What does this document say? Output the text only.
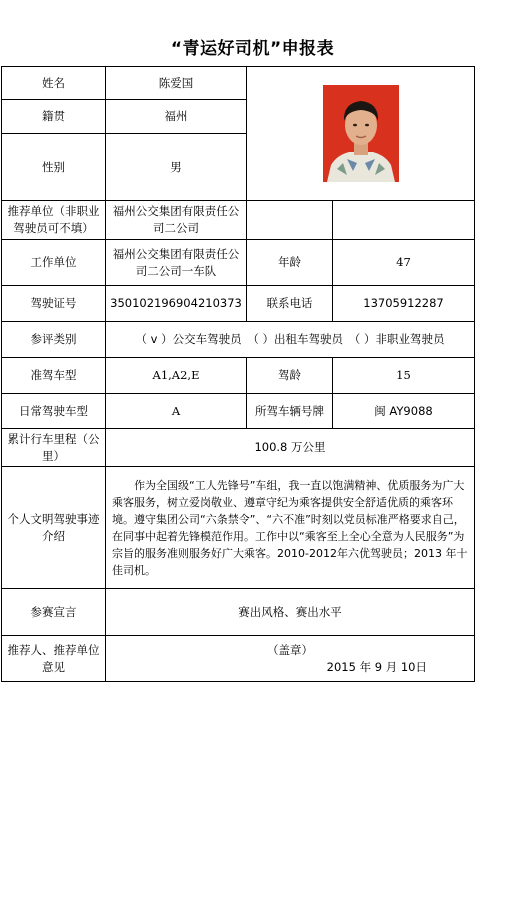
“青运好司机”申报表
姓名	陈爱国	

籍贯	福州		
性别	男		
推荐单位（非职业驾驶员可不填）	福州公交集团有限责任公司二公司		
工作单位	福州公交集团有限责任公司二公司一车队	年龄	47
驾驶证号	350102196904210373	联系电话	13705912287
参评类别	（ v ）公交车驾驶员　（ ）出租车驾驶员　（ ）非职业驾驶员		
准驾车型	A1,A2,E	驾龄	15
日常驾驶车型	A	所驾车辆号牌	闽 AY9088
累计行车里程（公里）	100.8 万公里		
个人文明驾驶事迹介绍	作为全国级“工人先锋号”车组，我一直以饱满精神、优质服务为广大乘客服务，树立爱岗敬业、遵章守纪为乘客提供安全舒适优质的乘客环境。遵守集团公司“六条禁令”、“六不准”时刻以党员标准严格要求自己，在同事中起着先锋模范作用。工作中以“乘客至上全心全意为人民服务”为宗旨的服务准则服务好广大乘客。2010-2012年六优驾驶员；2013 年十佳司机。		
参赛宣言	赛出风格、赛出水平		
推荐人、推荐单位意见	（盖章）
2015 年 9 月 10日		
